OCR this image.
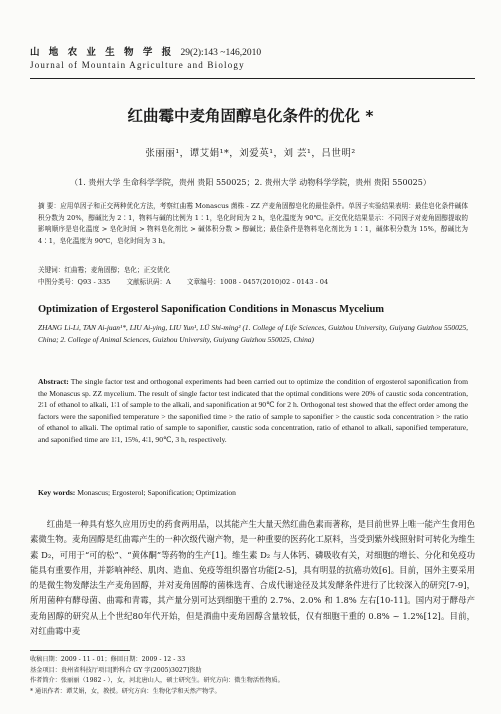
山 地 农 业 生 物 学 报 29(2):143 ~146,2010
Journal of Mountain Agriculture and Biology
红曲霉中麦角固醇皂化条件的优化 *
张丽丽¹，谭艾娟¹*，刘爱英¹，刘 芸¹，吕世明²
（1. 贵州大学 生命科学学院，贵州 贵阳 550025；2. 贵州大学 动物科学学院，贵州 贵阳 550025）
摘 要：应用单因子和正交两种优化方法，考察红曲霉 Monascus 菌株 - ZZ 产麦角固醇皂化的最佳条件。单因子实验结果表明：最佳皂化条件碱体积分数为 20%，醇碱比为 2∶1，物料与碱的比例为 1∶1，皂化时间为 2 h，皂化温度为 90℃。正交优化结果显示：不同因子对麦角固醇提取的影响顺序是皂化温度 > 皂化时间 > 物料皂化剂比 > 碱体积分数 > 醇碱比；最佳条件是物料皂化剂比为 1∶1，碱体积分数为 15%，醇碱比为 4∶1，皂化温度为 90℃，皂化时间为 3 h。
关键词：红曲霉；麦角固醇；皂化；正交优化
中图分类号：Q93 - 335 文献标识码：A 文章编号：1008 - 0457(2010)02 - 0143 - 04
Optimization of Ergosterol Saponification Conditions in Monascus Mycelium
ZHANG Li-Li, TAN Ai-juan¹*, LIU Ai-ying, LIU Yun¹, LÜ Shi-ming² (1. College of Life Sciences, Guizhou University, Guiyang Guizhou 550025, China; 2. College of Animal Sciences, Guizhou University, Guiyang Guizhou 550025, China)
Abstract: The single factor test and orthogonal experiments had been carried out to optimize the condition of ergosterol saponification from the Monascus sp. ZZ mycelium. The result of single factor test indicated that the optimal conditions were 20% of caustic soda concentration, 2∶1 of ethanol to alkali, 1∶1 of sample to the alkali, and saponification at 90℃ for 2 h. Orthogonal test showed that the effect order among the factors were the saponified temperature > the saponified time > the ratio of sample to saponifier > the caustic soda concentration > the ratio of ethanol to alkali. The optimal ratio of sample to saponifier, caustic soda concentration, ratio of ethanol to alkali, saponified temperature, and saponified time are 1∶1, 15%, 4∶1, 90℃, 3 h, respectively.
Key words: Monascus; Ergosterol; Saponification; Optimization
红曲是一种具有悠久应用历史的药食两用品，以其能产生大量天然红曲色素而著称，是目前世界上唯一能产生食用色素微生物。麦角固醇是红曲霉产生的一种次级代谢产物，是一种重要的医药化工原料，当受到紫外线照射时可转化为维生素 D₂，可用于“可的松”、“黄体酮”等药物的生产[1]。维生素 D₂ 与人体钙、磷吸收有关，对细胞的增长、分化和免疫功能具有重要作用，并影响神经、肌肉、造血、免疫等组织器官功能[2-5]，具有明显的抗癌功效[6]。目前，国外主要采用的是微生物发酵法生产麦角固醇，并对麦角固醇的菌株选育、合成代谢途径及其发酵条件进行了比较深入的研究[7-9]，所用菌种有酵母菌、曲霉和青霉，其产量分别可达到细胞干重的 2.7%、2.0% 和 1.8% 左右[10-11]。国内对于酵母产麦角固醇的研究从上个世纪80年代开始，但是酒曲中麦角固醇含量较低，仅有细胞干重的 0.8% ~ 1.2%[12]。目前，对红曲霉中麦
收稿日期：2009 - 11 - 01；修回日期：2009 - 12 - 33
基金项目：贵州省科技厅项目[黔科合 GY 字(2005)3027]资助
作者简介：张丽丽（1982 - ），女，河北唐山人，硕士研究生。研究方向：微生物活性物质。
* 通讯作者：谭艾娟，女，教授。研究方向：生物化学和天然产物学。
